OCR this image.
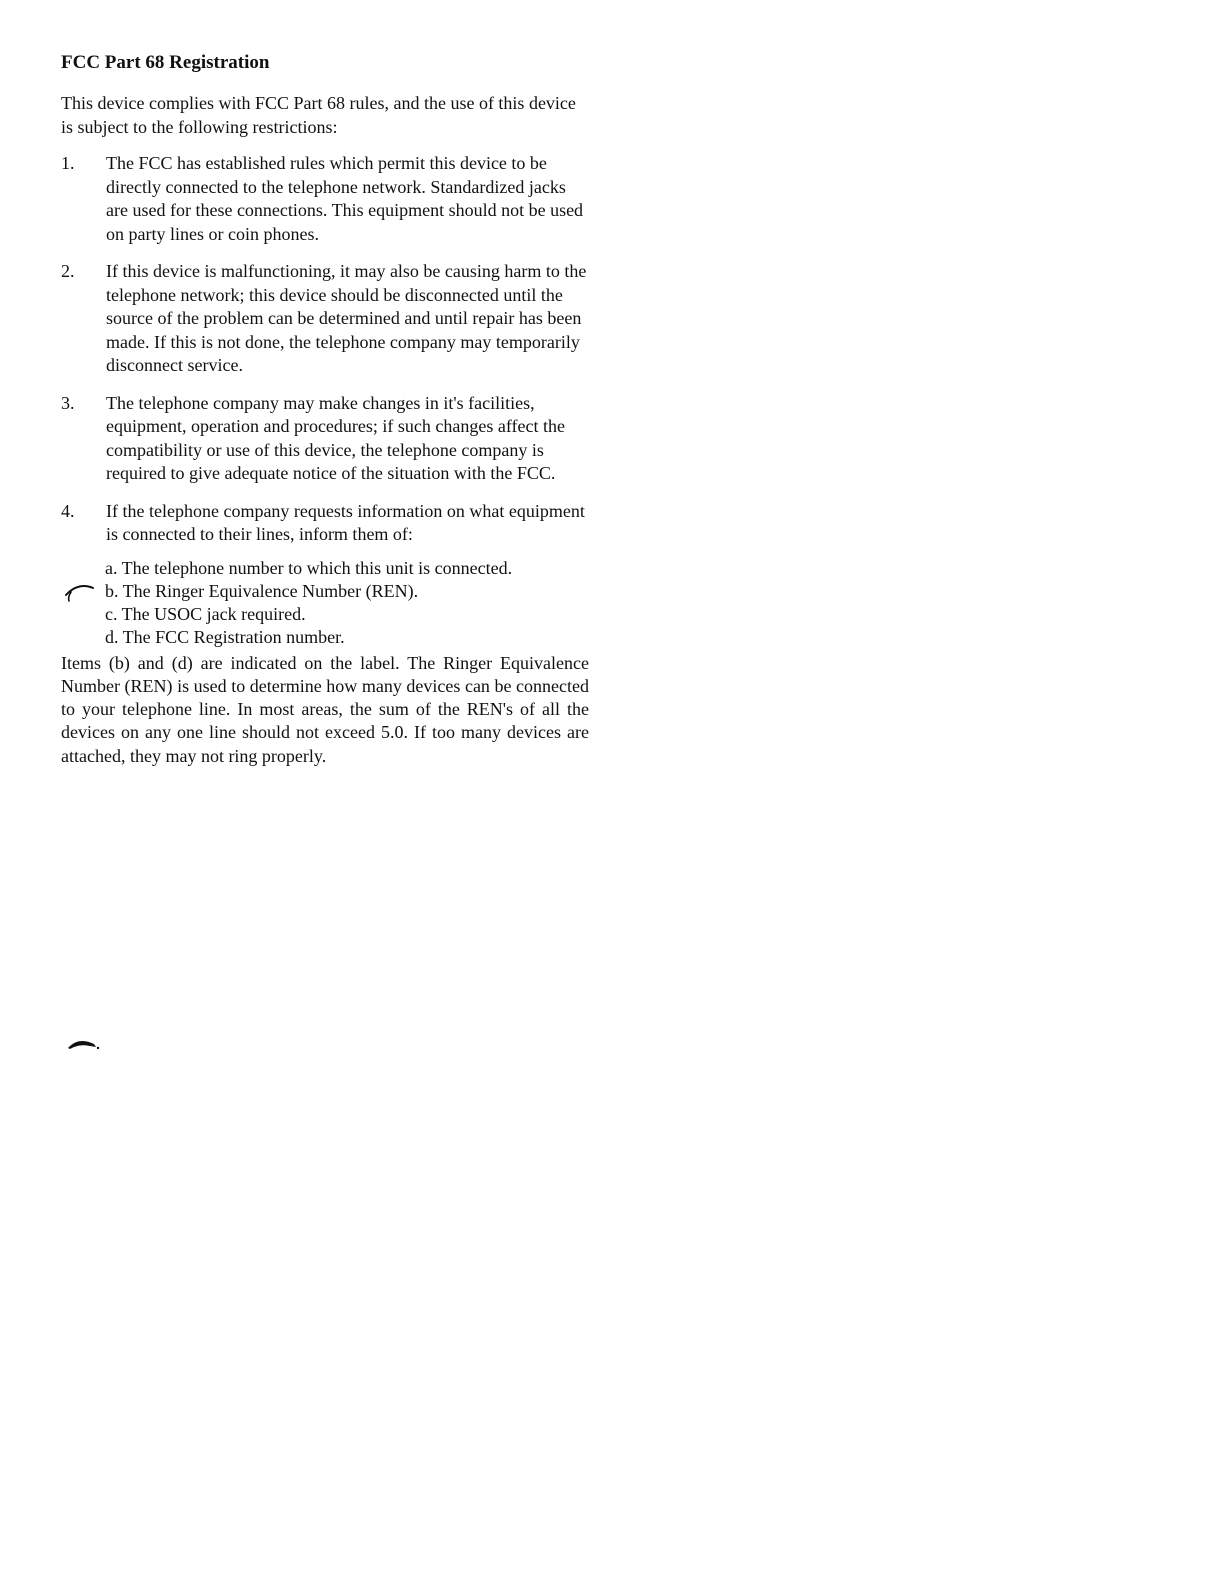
FCC Part 68 Registration

This device complies with FCC Part 68 rules, and the use of this device is subject to the following restrictions:

1.	The FCC has established rules which permit this device to be directly connected to the telephone network. Standardized jacks are used for these connections. This equipment should not be used on party lines or coin phones.
2.	If this device is malfunctioning, it may also be causing harm to the telephone network; this device should be disconnected until the source of the problem can be determined and until repair has been made. If this is not done, the telephone company may temporarily disconnect service.
3.	The telephone company may make changes in it's facilities, equipment, operation and procedures; if such changes affect the compatibility or use of this device, the telephone company is required to give adequate notice of the situation with the FCC.
4.	If the telephone company requests information on what equipment is connected to their lines, inform them of:
a. The telephone number to which this unit is connected.
b. The Ringer Equivalence Number (REN).
c. The USOC jack required.
d. The FCC Registration number.

Items (b) and (d) are indicated on the label. The Ringer Equivalence Number (REN) is used to determine how many devices can be connected to your telephone line. In most areas, the sum of the REN's of all the devices on any one line should not exceed 5.0. If too many devices are attached, they may not ring properly.
